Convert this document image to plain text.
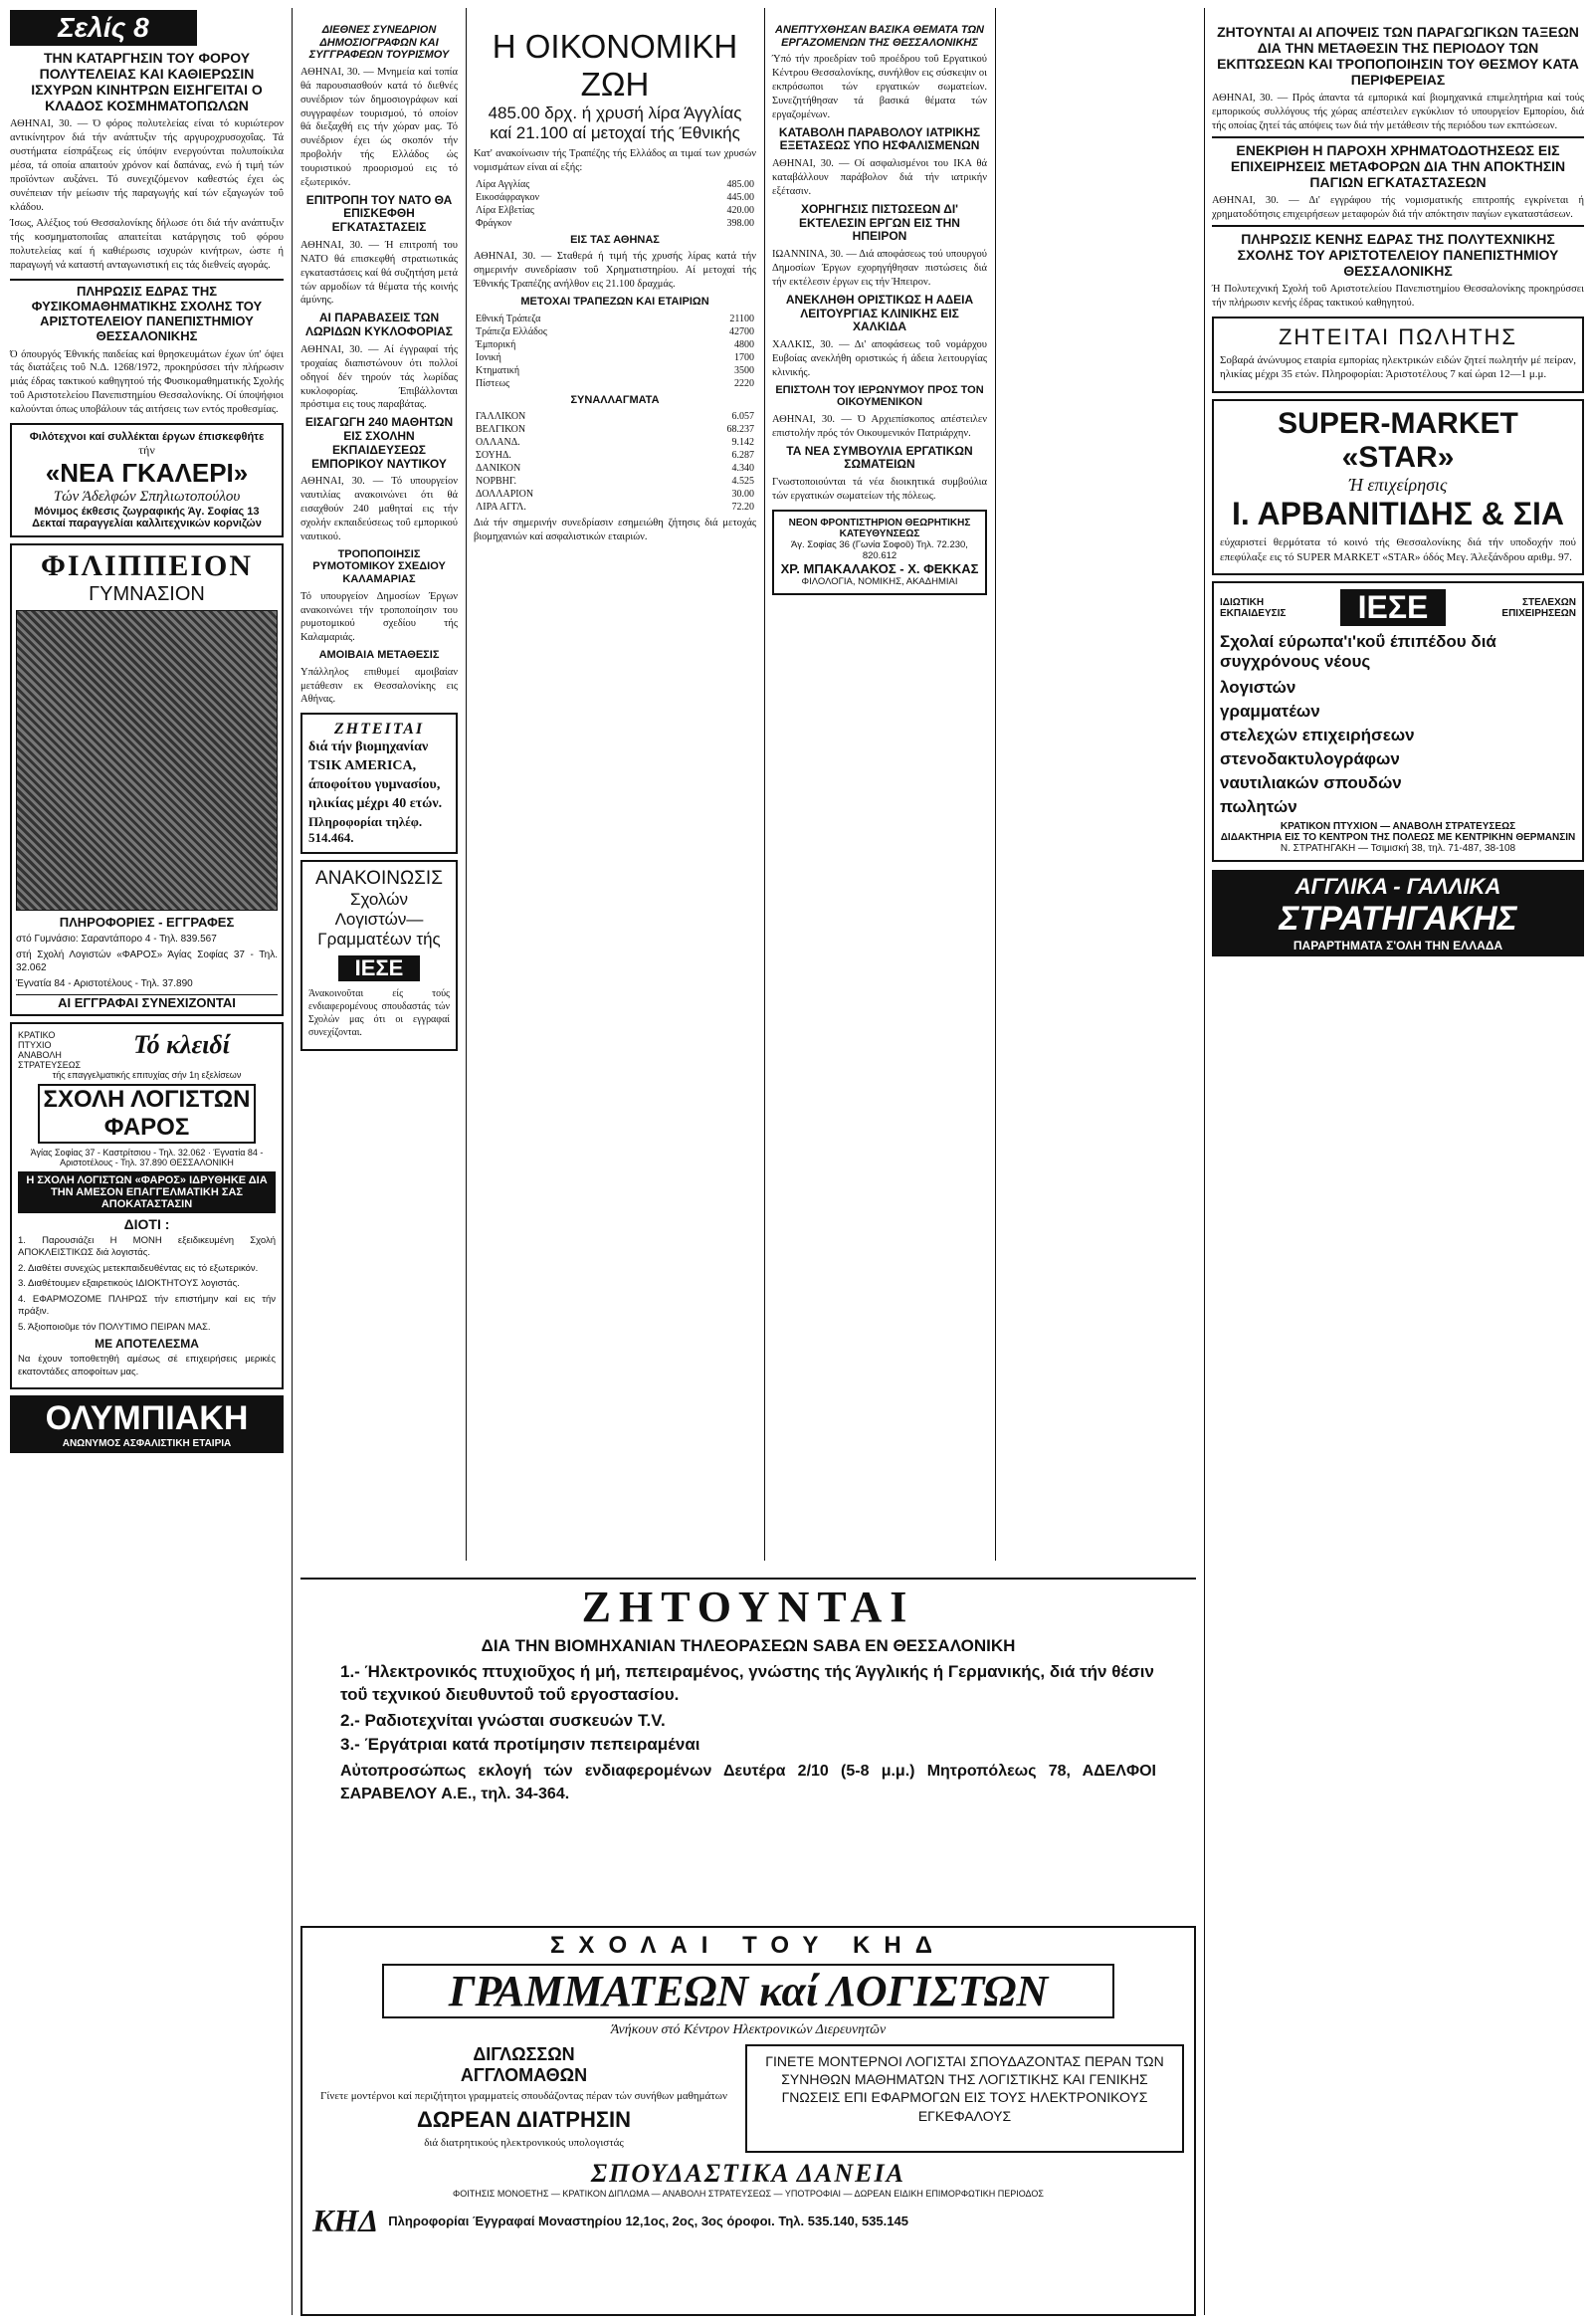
Σελίς 8
ΤΗΝ ΚΑΤΑΡΓΗΣΙΝ ΤΟΥ ΦΟΡΟΥ ΠΟΛΥΤΕΛΕΙΑΣ ΚΑΙ ΚΑΘΙΕΡΩΣΙΝ ΙΣΧΥΡΩΝ ΚΙΝΗΤΡΩΝ ΕΙΣΗΓΕΙΤΑΙ Ο ΚΛΑΔΟΣ ΚΟΣΜΗΜΑΤΟΠΩΛΩΝ

ΑΘΗΝΑΙ, 30. — Ό φόρος πολυτελείας είναι τό κυριώτερον αντικίνητρον διά τήν ανάπτυξιν τής αργυροχρυσοχοΐας. Τά συστήματα είσπράξεως είς ύπόψιν ενεργούνται πολυποίκιλα μέσα, τά οποία απαιτούν χρόνον καί δαπάνας, ενώ ή τιμή τών προϊόντων αυξάνει. Τό συνεχιζόμενον καθεστώς έχει ώς συνέπειαν τήν μείωσιν τής παραγωγής καί τών εξαγωγών τοΰ κλάδου.

Ίσως, Αλέξιος τού Θεσσαλονίκης δήλωσε ότι διά τήν ανάπτυξιν τής κοσμηματοποιΐας απαιτείται κατάργησις τοΰ φόρου πολυτελείας καί ή καθιέρωσις ισχυρών κινήτρων, ώστε ή παραγωγή νά καταστή ανταγωνιστική εις τάς διεθνείς αγοράς.

ΠΛΗΡΩΣΙΣ ΕΔΡΑΣ ΤΗΣ ΦΥΣΙΚΟΜΑΘΗΜΑΤΙΚΗΣ ΣΧΟΛΗΣ ΤΟΥ ΑΡΙΣΤΟΤΕΛΕΙΟΥ ΠΑΝΕΠΙΣΤΗΜΙΟΥ ΘΕΣΣΑΛΟΝΙΚΗΣ

Ό όπουργός Έθνικής παιδείας καί θρησκευμάτων έχων ύπ' όψει τάς διατάξεις τοΰ Ν.Δ. 1268/1972, προκηρύσσει τήν πλήρωσιν μιάς έδρας τακτικού καθηγητού τής Φυσικομαθηματικής Σχολής τοΰ Αριστοτελείου Πανεπιστημίου Θεσσαλονίκης. Οί ύποψήφιοι καλούνται όπως υποβάλουν τάς αιτήσεις των εντός προθεσμίας.

Φιλότεχνοι καί συλλέκται έργων έπισκεφθήτε
τήν
«ΝΕΑ ΓΚΑΛΕΡΙ»
Τών Άδελφών Σπηλιωτοπούλου
Μόνιμος έκθεσις ζωγραφικής Άγ. Σοφίας 13
Δεκταί παραγγελίαι καλλιτεχνικών κορνιζών
ΦΙΛΙΠΠΕΙΟΝ
ΓΥΜΝΑΣΙΟΝ
ΠΛΗΡΟΦΟΡΙΕΣ - ΕΓΓΡΑΦΕΣ
στό Γυμνάσιο: Σαραντάπορο 4 - Τηλ. 839.567
στή Σχολή Λογιστών «ΦΑΡΟΣ» Άγίας Σοφίας 37 - Τηλ. 32.062
Έγνατία 84 - Αριστοτέλους - Τηλ. 37.890
ΑΙ ΕΓΓΡΑΦΑΙ ΣΥΝΕΧΙΖΟΝΤΑΙ
ΚΡΑΤΙΚΟ ΠΤΥΧΙΟ ΑΝΑΒΟΛΗ ΣΤΡΑΤΕΥΣΕΩΣ
Τό κλειδί
τής επαγγελματικής επιτυχίας σήν 1η εξελίσεων
ΣΧΟΛΗ ΛΟΓΙΣΤΩΝ ΦΑΡΟΣ
Άγίας Σοφίας 37 - Καστρίτσιου - Τηλ. 32.062 · Έγνατία 84 - Αριστοτέλους - Τηλ. 37.890 ΘΕΣΣΑΛΟΝΙΚΗ
Η ΣΧΟΛΗ ΛΟΓΙΣΤΩΝ «ΦΑΡΟΣ» ΙΔΡΥΘΗΚΕ ΔΙΑ ΤΗΝ ΑΜΕΣΟΝ ΕΠΑΓΓΕΛΜΑΤΙΚΗ ΣΑΣ ΑΠΟΚΑΤΑΣΤΑΣΙΝ
ΔΙΟΤΙ :
1. Παρουσιάζει Η ΜΟΝΗ εξειδικευμένη Σχολή ΑΠΟΚΛΕΙΣΤΙΚΩΣ διά λογιστάς.
2. Διαθέτει συνεχώς μετεκπαιδευθέντας εις τό εξωτερικόν.
3. Διαθέτουμεν εξαιρετικούς ΙΔΙΟΚΤΗΤΟΥΣ λογιστάς.
4. ΕΦΑΡΜΟΖΟΜΕ ΠΛΗΡΩΣ τήν επιστήμην καί εις τήν πράξιν.
5. Άξιοποιοῦμε τόν ΠΟΛΥΤΙΜΟ ΠΕΙΡΑΝ ΜΑΣ.
ΜΕ ΑΠΟΤΕΛΕΣΜΑ
Να έχουν τοποθετηθή αμέσως σέ επιχειρήσεις μερικές εκατοντάδες αποφοίτων μας.
ΟΛΥΜΠΙΑΚΗ
ΑΝΩΝΥΜΟΣ ΑΣΦΑΛΙΣΤΙΚΗ ΕΤΑΙΡΙΑ
ΔΙΕΘΝΕΣ ΣΥΝΕΔΡΙΟΝ ΔΗΜΟΣΙΟΓΡΑΦΩΝ ΚΑΙ ΣΥΓΓΡΑΦΕΩΝ ΤΟΥΡΙΣΜΟΥ

ΑΘΗΝΑΙ, 30. — Μνημεία καί τοπία θά παρουσιασθούν κατά τό διεθνές συνέδριον τών δημοσιογράφων καί συγγραφέων τουρισμού, τό οποίον θά διεξαχθή εις τήν χώραν μας. Τό συνέδριον έχει ώς σκοπόν τήν προβολήν τής Ελλάδος ώς τουριστικού προορισμού εις τό εξωτερικόν.

ΕΠΙΤΡΟΠΗ ΤΟΥ ΝΑΤΟ ΘΑ ΕΠΙΣΚΕΦΘΗ ΕΓΚΑΤΑΣΤΑΣΕΙΣ

ΑΘΗΝΑΙ, 30. — Ή επιτροπή του ΝΑΤΟ θά επισκεφθή στρατιωτικάς εγκαταστάσεις καί θά συζητήση μετά τών αρμοδίων τά θέματα τής κοινής άμύνης.

ΑΙ ΠΑΡΑΒΑΣΕΙΣ ΤΩΝ ΛΩΡΙΔΩΝ ΚΥΚΛΟΦΟΡΙΑΣ

ΑΘΗΝΑΙ, 30. — Αί έγγραφαί τής τροχαίας διαπιστώνουν ότι πολλοί οδηγοί δέν τηρούν τάς λωρίδας κυκλοφορίας. Έπιβάλλονται πρόστιμα εις τους παραβάτας.

ΕΙΣΑΓΩΓΗ 240 ΜΑΘΗΤΩΝ ΕΙΣ ΣΧΟΛΗΝ ΕΚΠΑΙΔΕΥΣΕΩΣ ΕΜΠΟΡΙΚΟΥ ΝΑΥΤΙΚΟΥ

ΑΘΗΝΑΙ, 30. — Τό υπουργείον ναυτιλίας ανακοινώνει ότι θά εισαχθούν 240 μαθηταί εις τήν σχολήν εκπαιδεύσεως τοΰ εμπορικού ναυτικού.

ΤΡΟΠΟΠΟΙΗΣΙΣ ΡΥΜΟΤΟΜΙΚΟΥ ΣΧΕΔΙΟΥ ΚΑΛΑΜΑΡΙΑΣ

Τό υπουργείον Δημοσίων Έργων ανακοινώνει τήν τροποποίησιν του ρυμοτομικού σχεδίου τής Καλαμαριάς.

ΑΜΟΙΒΑΙΑ ΜΕΤΑΘΕΣΙΣ

Υπάλληλος επιθυμεί αμοιβαίαν μετάθεσιν εκ Θεσσαλονίκης εις Αθήνας.

ΖΗΤΕΙΤΑΙ
διά τήν βιομηχανίαν TSIK AMERICA, άποφοίτου γυμνασίου, ηλικίας μέχρι 40 ετών.
Πληροφορίαι τηλέφ. 514.464.
ΑΝΑΚΟΙΝΩΣΙΣ
Σχολών
Λογιστών—
Γραμματέων τής
ΙΕΣΕ
Άνακοινοῦται είς τούς ενδιαφερομένους σπουδαστάς τών Σχολών μας ότι οι εγγραφαί συνεχίζονται.
Η ΟΙΚΟΝΟΜΙΚΗ ΖΩΗ
485.00 δρχ. ή χρυσή λίρα Άγγλίας
καί 21.100 αί μετοχαί τής Έθνικής

Κατ' ανακοίνωσιν τής Τραπέζης τής Ελλάδος αι τιμαί των χρυσών νομισμάτων είναι αί εξής:

Λίρα Αγγλίας	485.00
Εικοσάφραγκον	445.00
Λίρα Ελβετίας	420.00
Φράγκον	398.00
ΕΙΣ ΤΑΣ ΑΘΗΝΑΣ

ΑΘΗΝΑΙ, 30. — Σταθερά ή τιμή τής χρυσής λίρας κατά τήν σημερινήν συνεδρίασιν τοΰ Χρηματιστηρίου. Αί μετοχαί τής Έθνικής Τραπέζης ανήλθον εις 21.100 δραχμάς.

ΜΕΤΟΧΑΙ ΤΡΑΠΕΖΩΝ ΚΑΙ ΕΤΑΙΡΙΩΝ
Εθνική Τράπεζα	21100
Τράπεζα Ελλάδος	42700
Έμπορική	4800
Ιονική	1700
Κτηματική	3500
Πίστεως	2220
ΣΥΝΑΛΛΑΓΜΑΤΑ
ΓΑΛΛΙΚΟΝ	6.057
ΒΕΛΓΙΚΟΝ	68.237
ΟΛΛΑΝΔ.	9.142
ΣΟΥΗΔ.	6.287
ΔΑΝΙΚΟΝ	4.340
ΝΟΡΒΗΓ.	4.525
ΔΟΛΛΑΡΙΟΝ	30.00
ΛΙΡΑ ΑΓΓΛ.	72.20

Διά τήν σημερινήν συνεδρίασιν εσημειώθη ζήτησις διά μετοχάς βιομηχανιών καί ασφαλιστικών εταιριών.

ΑΝΕΠΤΥΧΘΗΣΑΝ ΒΑΣΙΚΑ ΘΕΜΑΤΑ ΤΩΝ ΕΡΓΑΖΟΜΕΝΩΝ ΤΗΣ ΘΕΣΣΑΛΟΝΙΚΗΣ

Ύπό τήν προεδρίαν τοΰ προέδρου τοΰ Εργατικού Κέντρου Θεσσαλονίκης, συνήλθον εις σύσκεψιν οι εκπρόσωποι τών εργατικών σωματείων. Συνεζητήθησαν τά βασικά θέματα τών εργαζομένων.

ΚΑΤΑΒΟΛΗ ΠΑΡΑΒΟΛΟΥ ΙΑΤΡΙΚΗΣ ΕΞΕΤΑΣΕΩΣ ΥΠΟ ΗΣΦΑΛΙΣΜΕΝΩΝ

ΑΘΗΝΑΙ, 30. — Οί ασφαλισμένοι του ΙΚΑ θά καταβάλλουν παράβολον διά τήν ιατρικήν εξέτασιν.

ΧΟΡΗΓΗΣΙΣ ΠΙΣΤΩΣΕΩΝ ΔΙ' ΕΚΤΕΛΕΣΙΝ ΕΡΓΩΝ ΕΙΣ ΤΗΝ ΗΠΕΙΡΟΝ

ΙΩΑΝΝΙΝΑ, 30. — Διά αποφάσεως τού υπουργού Δημοσίων Έργων εχορηγήθησαν πιστώσεις διά τήν εκτέλεσιν έργων εις τήν Ήπειρον.

ΑΝΕΚΛΗΘΗ ΟΡΙΣΤΙΚΩΣ Η ΑΔΕΙΑ ΛΕΙΤΟΥΡΓΙΑΣ ΚΛΙΝΙΚΗΣ ΕΙΣ ΧΑΛΚΙΔΑ

ΧΑΛΚΙΣ, 30. — Δι' αποφάσεως τοΰ νομάρχου Ευβοίας ανεκλήθη οριστικώς ή άδεια λειτουργίας κλινικής.

ΕΠΙΣΤΟΛΗ ΤΟΥ ΙΕΡΩΝΥΜΟΥ ΠΡΟΣ ΤΟΝ ΟΙΚΟΥΜΕΝΙΚΟΝ

ΑΘΗΝΑΙ, 30. — Ό Αρχιεπίσκοπος απέστειλεν επιστολήν πρός τόν Οικουμενικόν Πατριάρχην.

ΤΑ ΝΕΑ ΣΥΜΒΟΥΛΙΑ ΕΡΓΑΤΙΚΩΝ ΣΩΜΑΤΕΙΩΝ

Γνωστοποιούνται τά νέα διοικητικά συμβούλια τών εργατικών σωματείων τής πόλεως.

ΝΕΟΝ ΦΡΟΝΤΙΣΤΗΡΙΟΝ ΘΕΩΡΗΤΙΚΗΣ ΚΑΤΕΥΘΥΝΣΕΩΣ
Άγ. Σοφίας 36 (Γωνία Σοφοῦ) Τηλ. 72.230, 820.612
ΧΡ. ΜΠΑΚΑΛΑΚΟΣ - Χ. ΦΕΚΚΑΣ
ΦΙΛΟΛΟΓΙΑ, ΝΟΜΙΚΗΣ, ΑΚΑΔΗΜΙΑΙ
ΖΗΤΟΥΝΤΑΙ ΑΙ ΑΠΟΨΕΙΣ ΤΩΝ ΠΑΡΑΓΩΓΙΚΩΝ ΤΑΞΕΩΝ ΔΙΑ ΤΗΝ ΜΕΤΑΘΕΣΙΝ ΤΗΣ ΠΕΡΙΟΔΟΥ ΤΩΝ ΕΚΠΤΩΣΕΩΝ ΚΑΙ ΤΡΟΠΟΠΟΙΗΣΙΝ ΤΟΥ ΘΕΣΜΟΥ ΚΑΤΑ ΠΕΡΙΦΕΡΕΙΑΣ

ΑΘΗΝΑΙ, 30. — Πρός άπαντα τά εμπορικά καί βιομηχανικά επιμελητήρια καί τούς εμπορικούς συλλόγους τής χώρας απέστειλεν εγκύκλιον τό υπουργείον Εμπορίου, διά τής οποίας ζητεί τάς απόψεις των διά τήν μετάθεσιν τής περιόδου των εκπτώσεων.

ΕΝΕΚΡΙΘΗ Η ΠΑΡΟΧΗ ΧΡΗΜΑΤΟΔΟΤΗΣΕΩΣ ΕΙΣ ΕΠΙΧΕΙΡΗΣΕΙΣ ΜΕΤΑΦΟΡΩΝ ΔΙΑ ΤΗΝ ΑΠΟΚΤΗΣΙΝ ΠΑΓΙΩΝ ΕΓΚΑΤΑΣΤΑΣΕΩΝ

ΑΘΗΝΑΙ, 30. — Δι' εγγράφου τής νομισματικής επιτροπής εγκρίνεται ή χρηματοδότησις επιχειρήσεων μεταφορών διά τήν απόκτησιν παγίων εγκαταστάσεων.

ΠΛΗΡΩΣΙΣ ΚΕΝΗΣ ΕΔΡΑΣ ΤΗΣ ΠΟΛΥΤΕΧΝΙΚΗΣ ΣΧΟΛΗΣ ΤΟΥ ΑΡΙΣΤΟΤΕΛΕΙΟΥ ΠΑΝΕΠΙΣΤΗΜΙΟΥ ΘΕΣΣΑΛΟΝΙΚΗΣ

Ή Πολυτεχνική Σχολή τοΰ Αριστοτελείου Πανεπιστημίου Θεσσαλονίκης προκηρύσσει τήν πλήρωσιν κενής έδρας τακτικού καθηγητού.

ΖΗΤΕΙΤΑΙ ΠΩΛΗΤΗΣ
Σοβαρά άνώνυμος εταιρία εμπορίας ηλεκτρικών ειδών ζητεί πωλητήν μέ πείραν, ηλικίας μέχρι 35 ετών. Πληροφορίαι: Άριστοτέλους 7 καί ώραι 12—1 μ.μ.
SUPER-MARKET «STAR»
Ή επιχείρησις
Ι. ΑΡΒΑΝΙΤΙΔΗΣ & ΣΙΑ
εύχαριστεί θερμότατα τό κοινό τής Θεσσαλονίκης διά τήν υποδοχήν πού επεφύλαξε εις τό SUPER MARKET «STAR» όδός Μεγ. Άλεξάνδρου αριθμ. 97.
ΙΔΙΩΤΙΚΗ ΕΚΠΑΙΔΕΥΣΙΣ	ΙΕΣΕ	ΣΤΕΛΕΧΩΝ ΕΠΙΧΕΙΡΗΣΕΩΝ
Σχολαί εύρωπα'ι'κοΰ έπιπέδου διά συγχρόνους νέους
λογιστών
γραμματέων
στελεχών επιχειρήσεων
στενοδακτυλογράφων
ναυτιλιακών σπουδών
πωλητών
ΚΡΑΤΙΚΟΝ ΠΤΥΧΙΟΝ — ΑΝΑΒΟΛΗ ΣΤΡΑΤΕΥΣΕΩΣ
ΔΙΔΑΚΤΗΡΙΑ ΕΙΣ ΤΟ ΚΕΝΤΡΟΝ ΤΗΣ ΠΟΛΕΩΣ ΜΕ ΚΕΝΤΡΙΚΗΝ ΘΕΡΜΑΝΣΙΝ
Ν. ΣΤΡΑΤΗΓΑΚΗ — Τσιμισκή 38, τηλ. 71-487, 38-108
ΑΓΓΛΙΚΑ - ΓΑΛΛΙΚΑ
ΣΤΡΑΤΗΓΑΚΗΣ
ΠΑΡΑΡΤΗΜΑΤΑ Σ'ΟΛΗ ΤΗΝ ΕΛΛΑΔΑ
ΖΗΤΟΥΝΤΑΙ
ΔΙΑ ΤΗΝ ΒΙΟΜΗΧΑΝΙΑΝ ΤΗΛΕΟΡΑΣΕΩΝ SABA ΕΝ ΘΕΣΣΑΛΟΝΙΚΗ
1.- Ήλεκτρονικός πτυχιοῦχος ή μή, πεπειραμένος, γνώστης τής Άγγλικής ή Γερμανικής, διά τήν θέσιν τοΰ τεχνικού διευθυντοΰ τοΰ εργοστασίου.
2.- Ραδιοτεχνίται γνώσται συσκευών T.V.
3.- Έργάτριαι κατά προτίμησιν πεπειραμέναι
Αὐτοπροσώπως εκλογή τών ενδιαφερομένων Δευτέρα 2/10 (5-8 μ.μ.) Μητροπόλεως 78, ΑΔΕΛΦΟΙ ΣΑΡΑΒΕΛΟΥ Α.Ε., τηλ. 34-364.
ΣΧΟΛΑΙ ΤΟΥ ΚΗΔ
ΓΡΑΜΜΑΤΕΩΝ καί ΛΟΓΙΣΤΩΝ
Άνήκουν στό Κέντρον Ηλεκτρονικών Διερευνητῶν
ΔΙΓΛΩΣΣΩΝ
ΑΓΓΛΟΜΑΘΩΝ
Γίνετε μοντέρνοι καί περιζήτητοι γραμματείς σπουδάζοντας πέραν τών συνήθων μαθημάτων
ΔΩΡΕΑΝ ΔΙΑΤΡΗΣΙΝ
διά διατρητικούς ηλεκτρονικούς υπολογιστάς
ΓΙΝΕΤΕ ΜΟΝΤΕΡΝΟΙ ΛΟΓΙΣΤΑΙ ΣΠΟΥΔΑΖΟΝΤΑΣ ΠΕΡΑΝ ΤΩΝ ΣΥΝΗΘΩΝ ΜΑΘΗΜΑΤΩΝ ΤΗΣ ΛΟΓΙΣΤΙΚΗΣ ΚΑΙ ΓΕΝΙΚΗΣ ΓΝΩΣΕΙΣ ΕΠΙ ΕΦΑΡΜΟΓΩΝ ΕΙΣ ΤΟΥΣ ΗΛΕΚΤΡΟΝΙΚΟΥΣ ΕΓΚΕΦΑΛΟΥΣ
ΣΠΟΥΔΑΣΤΙΚΑ ΔΑΝΕΙΑ
ΦΟΙΤΗΣΙΣ ΜΟΝΟΕΤΗΣ — ΚΡΑΤΙΚΟΝ ΔΙΠΛΩΜΑ — ΑΝΑΒΟΛΗ ΣΤΡΑΤΕΥΣΕΩΣ — ΥΠΟΤΡΟΦΙΑΙ — ΔΩΡΕΑΝ ΕΙΔΙΚΗ ΕΠΙΜΟΡΦΩΤΙΚΗ ΠΕΡΙΟΔΟΣ
ΚΗΔ Πληροφορίαι Έγγραφαί Μοναστηρίου 12,1ος, 2ος, 3ος όροφοι. Τηλ. 535.140, 535.145
